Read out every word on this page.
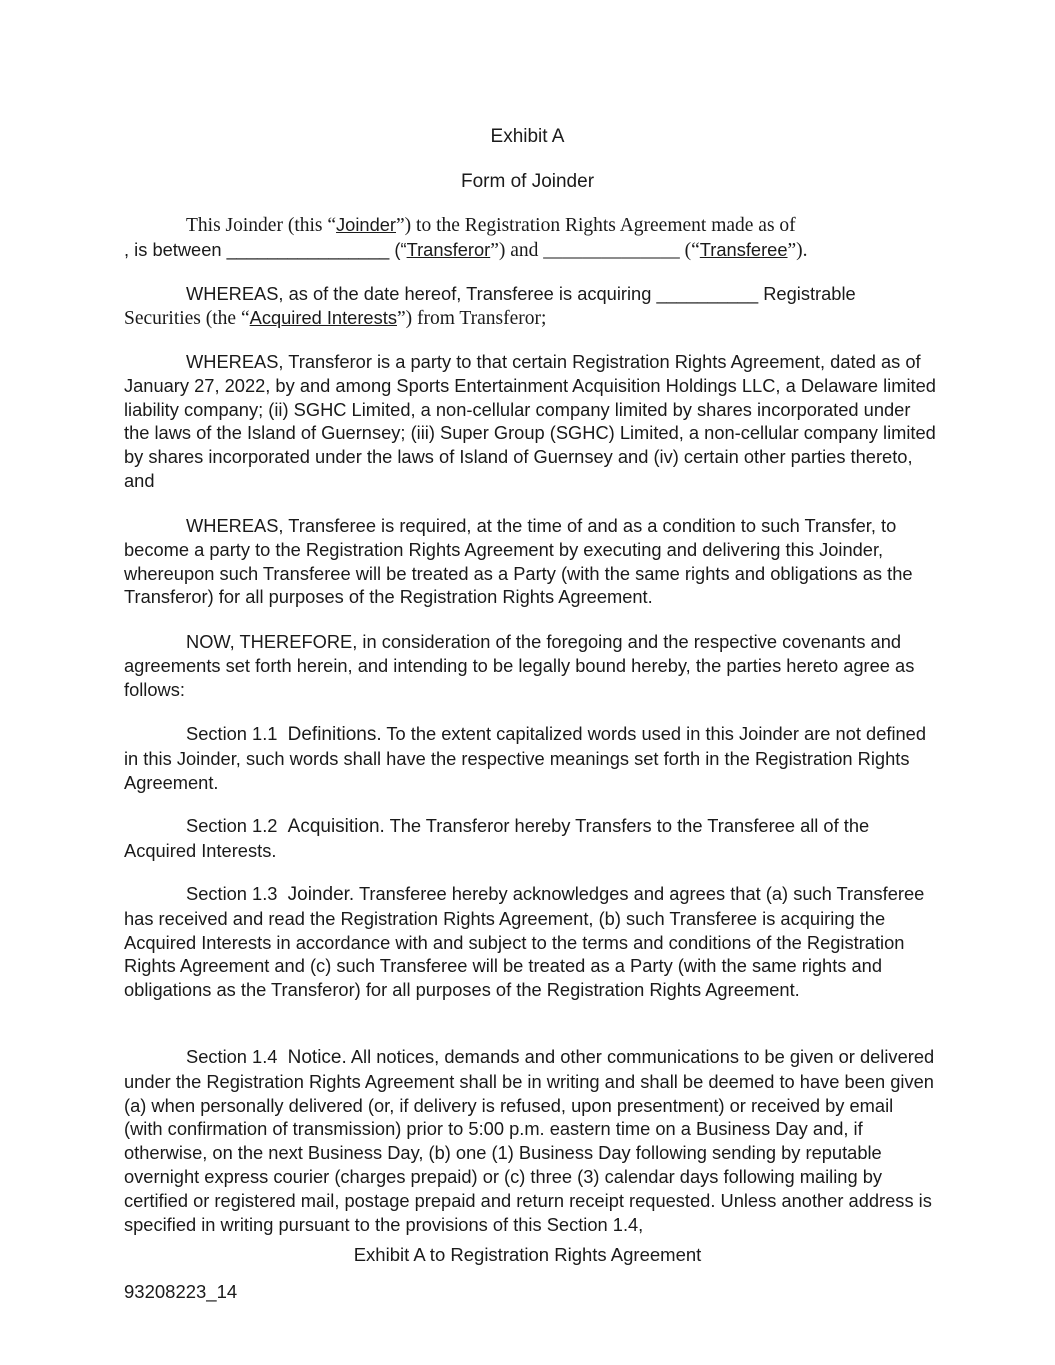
Exhibit A
Form of Joinder
This Joinder (this “Joinder”) to the Registration Rights Agreement made as of
, is between ________________ (“Transferor”) and ______________ (“Transferee”).
WHEREAS, as of the date hereof, Transferee is acquiring __________ Registrable
Securities (the “Acquired Interests”) from Transferor;
WHEREAS, Transferor is a party to that certain Registration Rights Agreement, dated as of January 27, 2022, by and among Sports Entertainment Acquisition Holdings LLC, a Delaware limited liability company; (ii) SGHC Limited, a non-cellular company limited by shares incorporated under the laws of the Island of Guernsey; (iii) Super Group (SGHC) Limited, a non-cellular company limited by shares incorporated under the laws of Island of Guernsey and (iv) certain other parties thereto, and
WHEREAS, Transferee is required, at the time of and as a condition to such Transfer, to become a party to the Registration Rights Agreement by executing and delivering this Joinder, whereupon such Transferee will be treated as a Party (with the same rights and obligations as the Transferor) for all purposes of the Registration Rights Agreement.
NOW, THEREFORE, in consideration of the foregoing and the respective covenants and agreements set forth herein, and intending to be legally bound hereby, the parties hereto agree as follows:
Section 1.1 Definitions. To the extent capitalized words used in this Joinder are not defined in this Joinder, such words shall have the respective meanings set forth in the Registration Rights Agreement.
Section 1.2 Acquisition. The Transferor hereby Transfers to the Transferee all of the Acquired Interests.
Section 1.3 Joinder. Transferee hereby acknowledges and agrees that (a) such Transferee has received and read the Registration Rights Agreement, (b) such Transferee is acquiring the Acquired Interests in accordance with and subject to the terms and conditions of the Registration Rights Agreement and (c) such Transferee will be treated as a Party (with the same rights and obligations as the Transferor) for all purposes of the Registration Rights Agreement.
Section 1.4 Notice. All notices, demands and other communications to be given or delivered under the Registration Rights Agreement shall be in writing and shall be deemed to have been given (a) when personally delivered (or, if delivery is refused, upon presentment) or received by email (with confirmation of transmission) prior to 5:00 p.m. eastern time on a Business Day and, if otherwise, on the next Business Day, (b) one (1) Business Day following sending by reputable overnight express courier (charges prepaid) or (c) three (3) calendar days following mailing by certified or registered mail, postage prepaid and return receipt requested. Unless another address is specified in writing pursuant to the provisions of this Section 1.4,
Exhibit A to Registration Rights Agreement
93208223_14
